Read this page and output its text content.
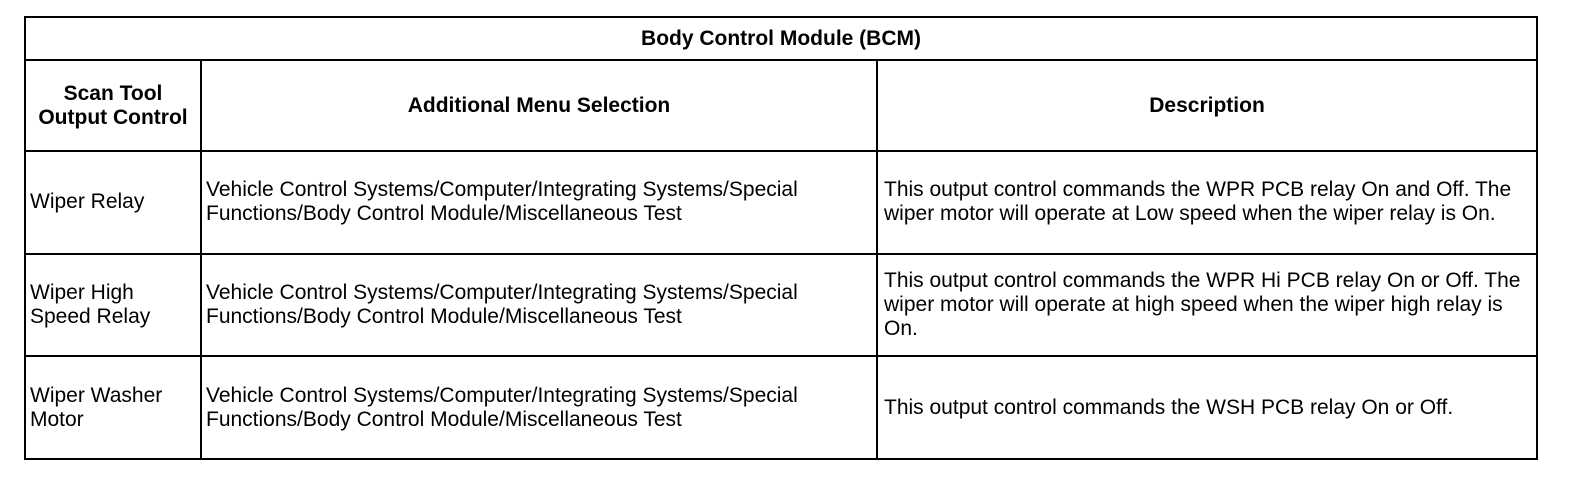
Body Control Module (BCM)		
Scan Tool Output Control	Additional Menu Selection	Description
Wiper Relay	Vehicle Control Systems/Computer/Integrating Systems/Special Functions/Body Control Module/Miscellaneous Test	This output control commands the WPR PCB relay On and Off. The wiper motor will operate at Low speed when the wiper relay is On.
Wiper High Speed Relay	Vehicle Control Systems/Computer/Integrating Systems/Special Functions/Body Control Module/Miscellaneous Test	This output control commands the WPR Hi PCB relay On or Off. The wiper motor will operate at high speed when the wiper high relay is On.
Wiper Washer Motor	Vehicle Control Systems/Computer/Integrating Systems/Special Functions/Body Control Module/Miscellaneous Test	This output control commands the WSH PCB relay On or Off.
